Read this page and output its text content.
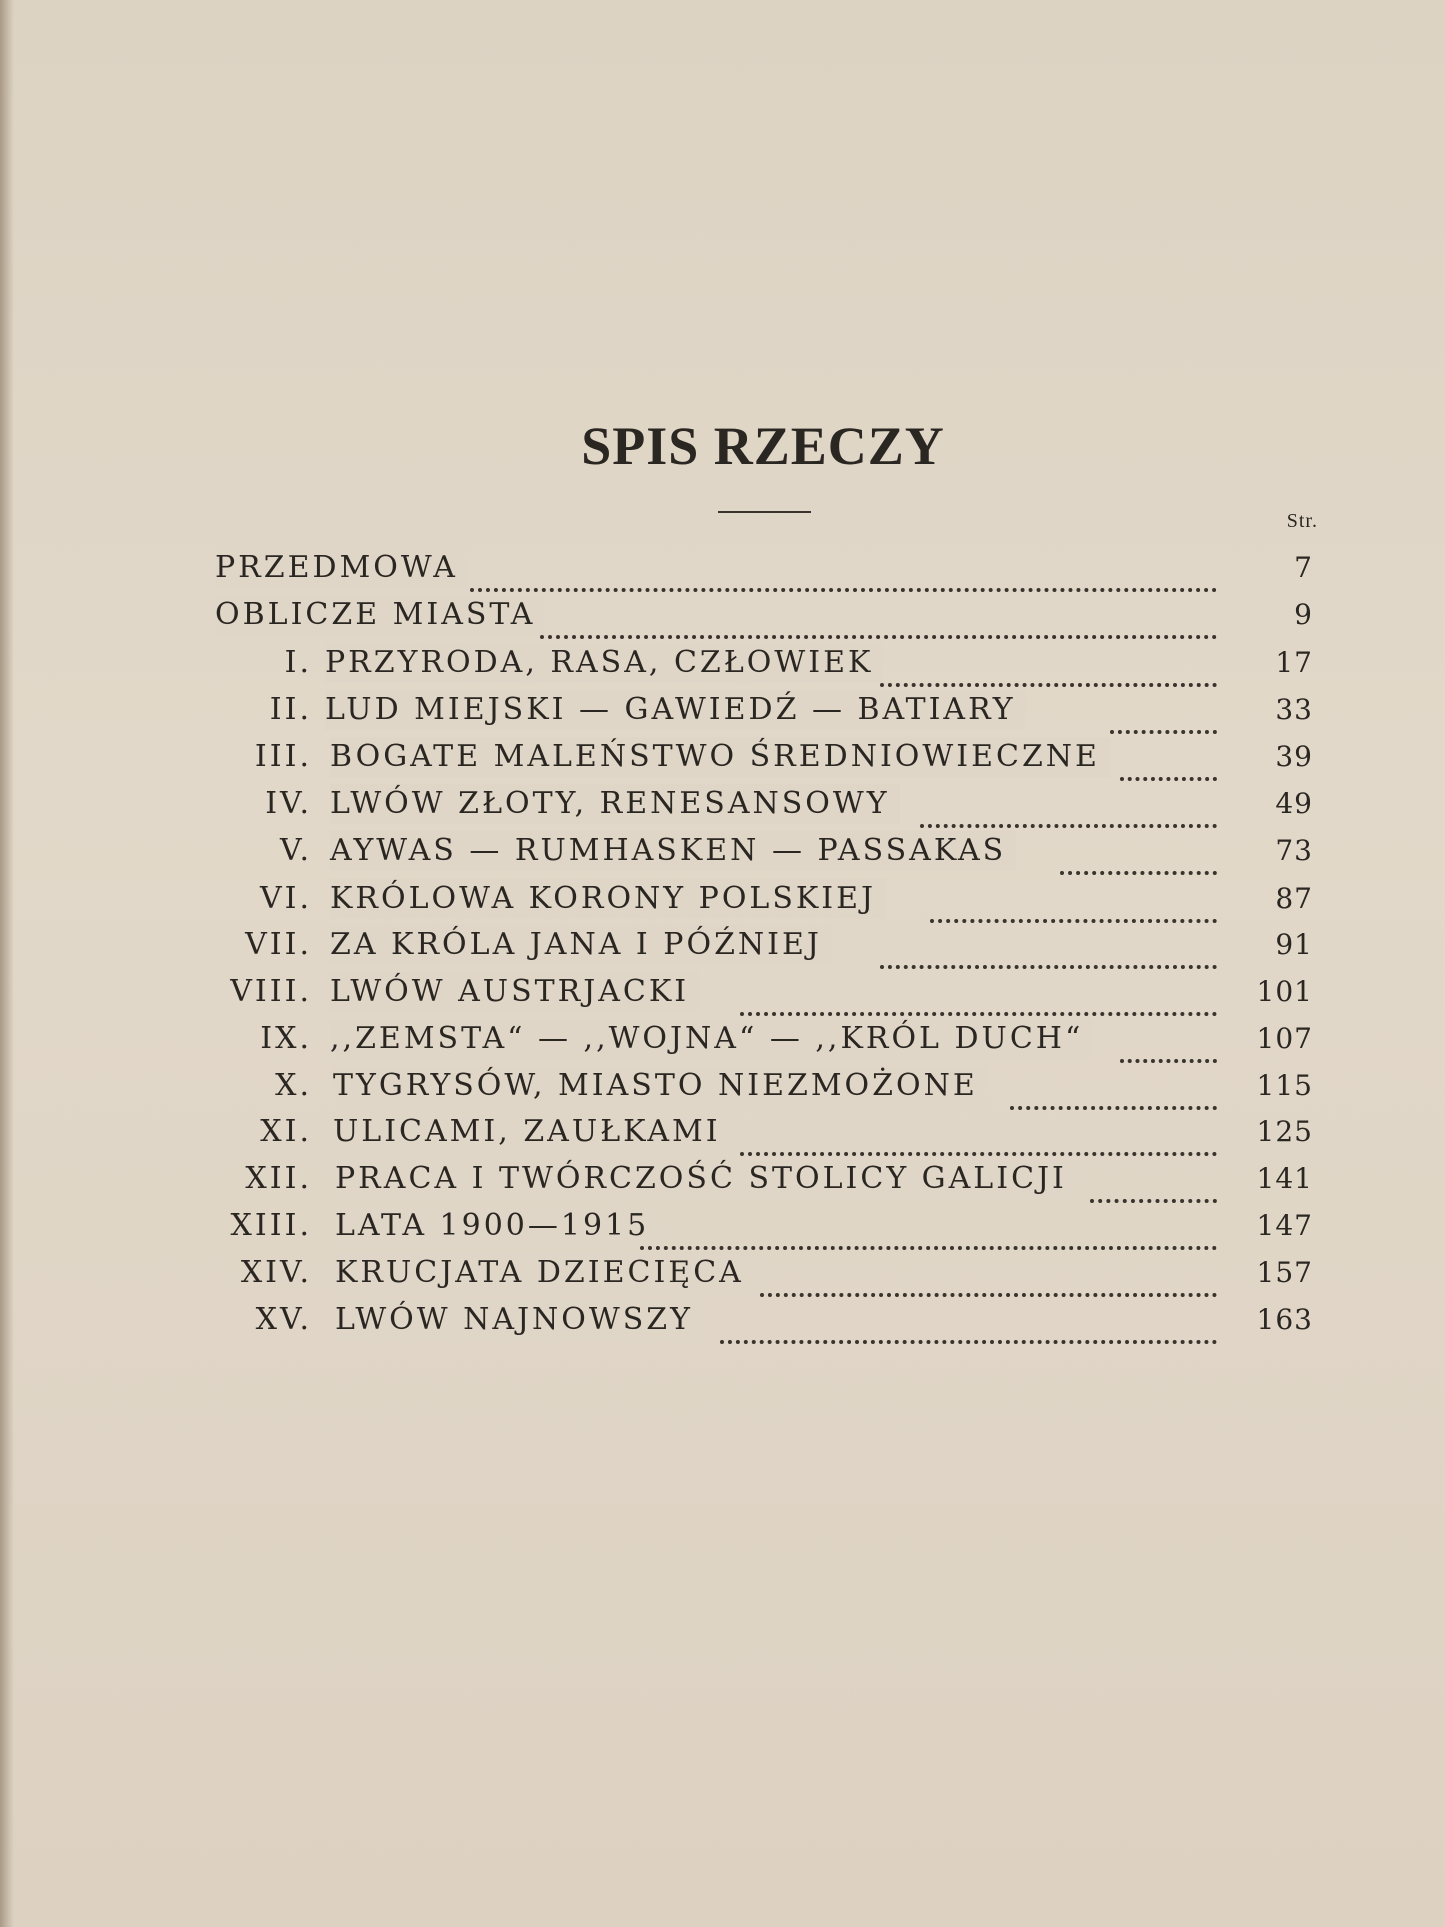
SPIS RZECZY
Str.
PRZEDMOWA	7
OBLICZE MIASTA	9
I. PRZYRODA, RASA, CZŁOWIEK	17
II. LUD MIEJSKI — GAWIEDŹ — BATIARY	33
III. BOGATE MALEŃSTWO ŚREDNIOWIECZNE	39
IV. LWÓW ZŁOTY, RENESANSOWY	49
V. AYWAS — RUMHASKEN — PASSAKAS	73
VI. KRÓLOWA KORONY POLSKIEJ	87
VII. ZA KRÓLA JANA I PÓŹNIEJ	91
VIII. LWÓW AUSTRJACKI	101
IX. ,,ZEMSTA“ — ,,WOJNA“ — ,,KRÓL DUCH“	107
X. TYGRYSÓW, MIASTO NIEZMOŻONE	115
XI. ULICAMI, ZAUŁKAMI	125
XII. PRACA I TWÓRCZOŚĆ STOLICY GALICJI	141
XIII. LATA 1900—1915	147
XIV. KRUCJATA DZIECIĘCA	157
XV. LWÓW NAJNOWSZY	163
